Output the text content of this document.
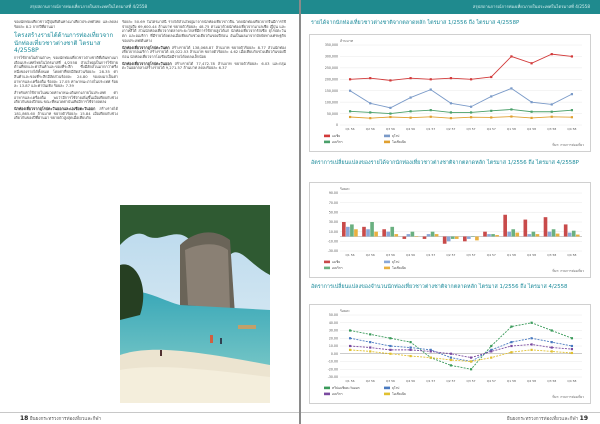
สรุปสถานการณ์การท่องเที่ยวภายในประเทศในไตรมาสที่ 4/2558

ของนักท่องเที่ยวชาวญี่ปุ่นที่เดินทางมาเที่ยวประเทศไทย และลดลงร้อยละ 8.2 จากปีที่ผ่านมา

โครงสร้างรายได้ด้านการท่องเที่ยวจากนักท่องเที่ยวชาวต่างชาติ ไตรมาส 4/2558P

การใช้จ่ายในด้านต่างๆ ของนักท่องเที่ยวชาวต่างชาติที่เดินทางมาเยือนประเทศไทยในไตรมาสที่ 4/2558 ส่วนใหญ่เป็นการใช้จ่ายด้านที่พักและค่าสินค้าและของที่ระลึก ซึ่งมีสัดส่วนมากกว่าครึ่งหนึ่งของรายได้ทั้งหมด โดยค่าที่พักมีสัดส่วนร้อยละ 28.35 ค่าสินค้าและของที่ระลึกมีสัดส่วนร้อยละ 24.80 รองลงมาเป็นค่าอาหารและเครื่องดื่ม ร้อยละ 17.05 ค่าพาหนะภายในประเทศ ร้อยละ 13.87 และค่าบันเทิง ร้อยละ 7.39

สำหรับค่าใช้จ่ายในหมวดค่าพาหนะเดินทางภายในประเทศ ค่าอาหารและเครื่องดื่ม พบว่ามีการใช้จ่ายเพิ่มขึ้นเมื่อเทียบกับช่วงเดียวกันของปีก่อน ขณะที่หมวดค่าบันเทิงมีการใช้จ่ายลดลง

นักท่องเที่ยวจากยุโรปตะวันออกและเอเชียตะวันออก สร้างรายได้ 181,865.60 ล้านบาท ขยายตัวร้อยละ 15.84 เมื่อเทียบกับช่วงเดียวกันของปีที่ผ่านมา ขยายตัวสูงสุดเมื่อเทียบกับ

ร้อยละ 50.69 ในไตรมาสนี้ รายได้ส่วนใหญ่มาจากนักท่องเที่ยวชาวจีน โดยนักท่องเที่ยวจากจีนมีการใช้จ่ายสูงถึง 69,600.44 ล้านบาท ขยายตัวร้อยละ 48.75 ตามมาด้วยนักท่องเที่ยวจากมาเลเซีย ญี่ปุ่น และเกาหลีใต้ ส่วนนักท่องเที่ยวจากตลาดระยะไกลที่มีการใช้จ่ายสูงได้แก่ นักท่องเที่ยวจากรัสเซีย ยุโรปตะวันตก และอเมริกา ที่มีรายได้ลดลงเมื่อเทียบกับช่วงเดียวกันของปีก่อน อันเป็นผลมาจากปัจจัยทางเศรษฐกิจของประเทศต้นทาง

นักท่องเที่ยวจากยุโรปตะวันตก สร้างรายได้ 138,068.87 ล้านบาท ขยายตัวร้อยละ 8.77 ส่วนนักท่องเที่ยวจากอเมริกา สร้างรายได้ 45,022.53 ล้านบาท ขยายตัวร้อยละ 4.62 เมื่อเทียบกับช่วงเดียวกันของปีก่อน นักท่องเที่ยวจากโอเชียเนียมีรายได้ลดลงเล็กน้อย

นักท่องเที่ยวจากยุโรปตะวันออก สร้างรายได้ 77,472.78 ล้านบาท ขยายตัวร้อยละ 6.03 และกลุ่มตะวันออกกลางสร้างรายได้ 9,271.57 ล้านบาท ลดลงร้อยละ 6.37

18 ยืนยงกระทรวงการท่องเที่ยวและกีฬา
สรุปสถานการณ์การท่องเที่ยวภายในประเทศในไตรมาสที่ 4/2558
รายได้จากนักท่องเที่ยวชาวต่างชาติจากตลาดหลัก ไตรมาส 1/2556 ถึง ไตรมาส 4/2558P
ล้านบาท
350,000
300,000
250,000
200,000
150,000
100,000
50,000
0
Q1 56	Q2 56	Q3 56	Q4 56	Q1 57	Q2 57	Q3 57	Q4 57	Q1 58	Q2 58	Q3 58	Q4 58
เอเชีย	ยุโรป
อเมริกา	โอเชียเนีย
ที่มา: กรมการท่องเที่ยว
อัตราการเปลี่ยนแปลงของรายได้จากนักท่องเที่ยวชาวต่างชาติจากตลาดหลัก ไตรมาส 1/2556 ถึง ไตรมาส 4/2558P
ร้อยละ
90.00
70.00
50.00
30.00
10.00
-10.00
-30.00
Q1 56	Q2 56	Q3 56	Q4 56	Q1 57	Q2 57	Q3 57	Q4 57	Q1 58	Q2 58	Q3 58	Q4 58
เอเชีย	ยุโรป
อเมริกา	โอเชียเนีย
ที่มา: กรมการท่องเที่ยว
อัตราการเปลี่ยนแปลงของจำนวนนักท่องเที่ยวชาวต่างชาติจากตลาดหลัก ไตรมาส 1/2556 ถึง ไตรมาส 4/2558
ร้อยละ
50.00
40.00
30.00
20.00
10.00
0.00
-10.00
-20.00
-30.00
Q1 56	Q2 56	Q3 56	Q4 56	Q1 57	Q2 57	Q3 57	Q4 57	Q1 58	Q2 58	Q3 58	Q4 58
ทวีปเอเชียตะวันออก	ยุโรป
อเมริกา	โอเชียเนีย
ที่มา: กรมการท่องเที่ยว
ยืนยงกระทรวงการท่องเที่ยวและกีฬา 19
